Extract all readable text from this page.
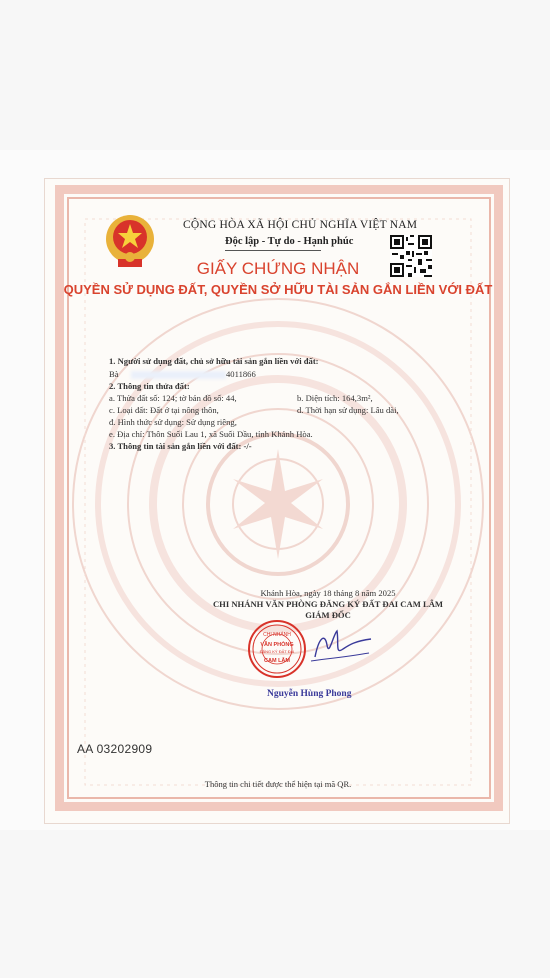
CỘNG HÒA XÃ HỘI CHỦ NGHĨA VIỆT NAM
Độc lập - Tự do - Hạnh phúc
GIẤY CHỨNG NHẬN
QUYỀN SỬ DỤNG ĐẤT, QUYỀN SỞ HỮU TÀI SẢN GẮN LIỀN VỚI ĐẤT
1. Người sử dụng đất, chủ sở hữu tài sản gắn liền với đất:
Bà	4011866
2. Thông tin thửa đất:
a. Thửa đất số: 124; tờ bản đồ số: 44,	b. Diện tích: 164,3m²,
c. Loại đất: Đất ở tại nông thôn,	d. Thời hạn sử dụng: Lâu dài,
đ. Hình thức sử dụng: Sử dụng riêng,
e. Địa chỉ: Thôn Suối Lau 1, xã Suối Dầu, tỉnh Khánh Hòa.
3. Thông tin tài sản gắn liền với đất: -/-
Khánh Hòa, ngày 18 tháng 8 năm 2025
CHI NHÁNH VĂN PHÒNG ĐĂNG KÝ ĐẤT ĐAI CAM LÂM
GIÁM ĐỐC
CHI NHÁNH
VĂN PHÒNG
ĐĂNG KÝ ĐẤT ĐAI
CAM LÂM
Nguyễn Hùng Phong
AA 03202909
Thông tin chi tiết được thể hiện tại mã QR.
